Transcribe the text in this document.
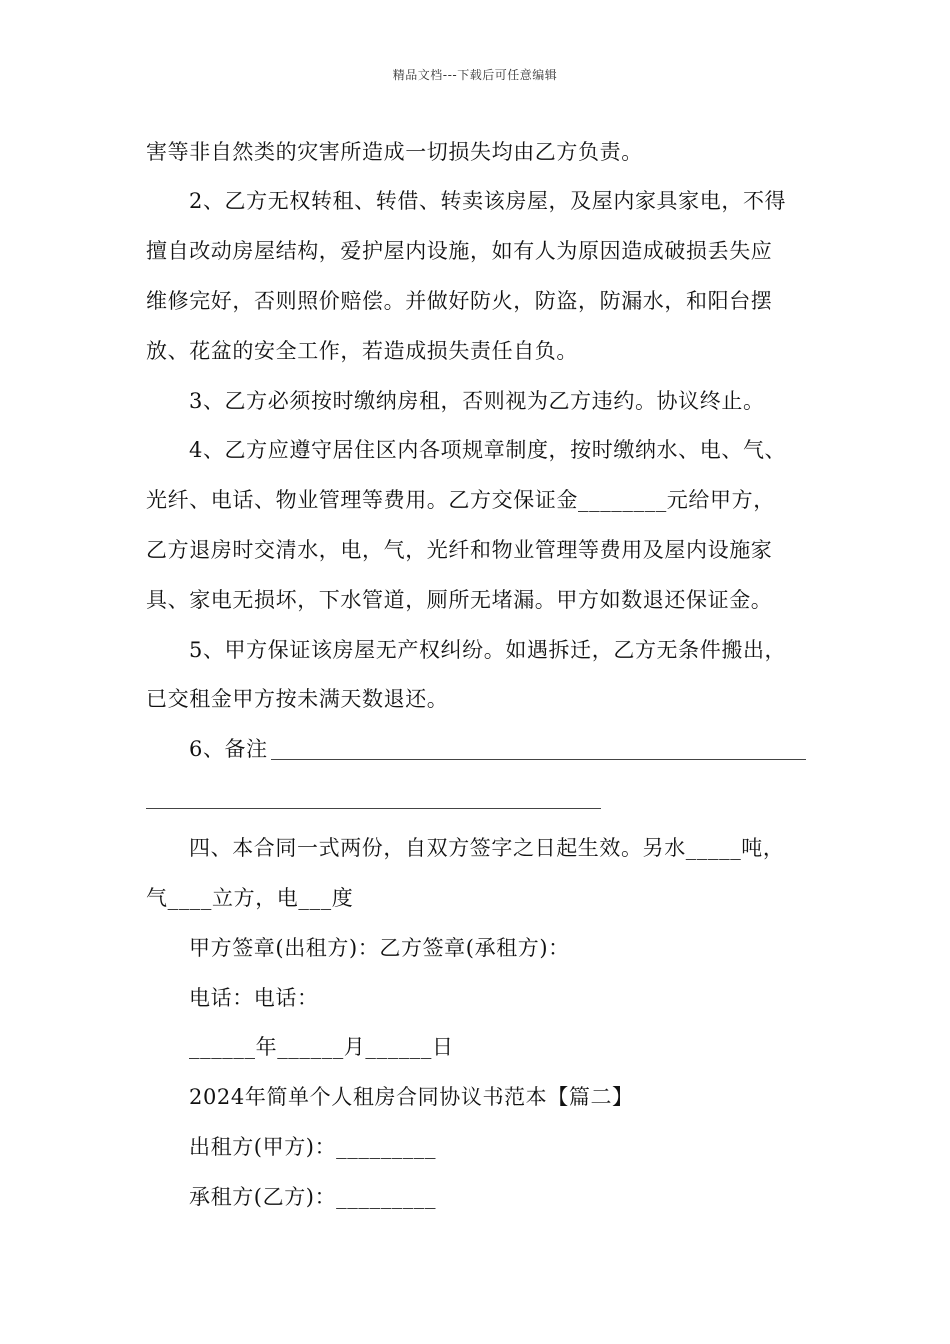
精品文档---下载后可任意编辑
害等非自然类的灾害所造成一切损失均由乙方负责。
2、乙方无权转租、转借、转卖该房屋，及屋内家具家电，不得
擅自改动房屋结构，爱护屋内设施，如有人为原因造成破损丢失应
维修完好，否则照价赔偿。并做好防火，防盗，防漏水，和阳台摆
放、花盆的安全工作，若造成损失责任自负。
3、乙方必须按时缴纳房租，否则视为乙方违约。协议终止。
4、乙方应遵守居住区内各项规章制度，按时缴纳水、电、气、
光纤、电话、物业管理等费用。乙方交保证金________元给甲方，
乙方退房时交清水，电，气，光纤和物业管理等费用及屋内设施家
具、家电无损坏，下水管道，厕所无堵漏。甲方如数退还保证金。
5、甲方保证该房屋无产权纠纷。如遇拆迁，乙方无条件搬出，
已交租金甲方按未满天数退还。
6、备注
四、本合同一式两份，自双方签字之日起生效。另水_____吨，
气____立方，电___度
甲方签章(出租方)：乙方签章(承租方)：
电话：电话：
______年______月______日
2024年简单个人租房合同协议书范本【篇二】
出租方(甲方)：_________
承租方(乙方)：_________
